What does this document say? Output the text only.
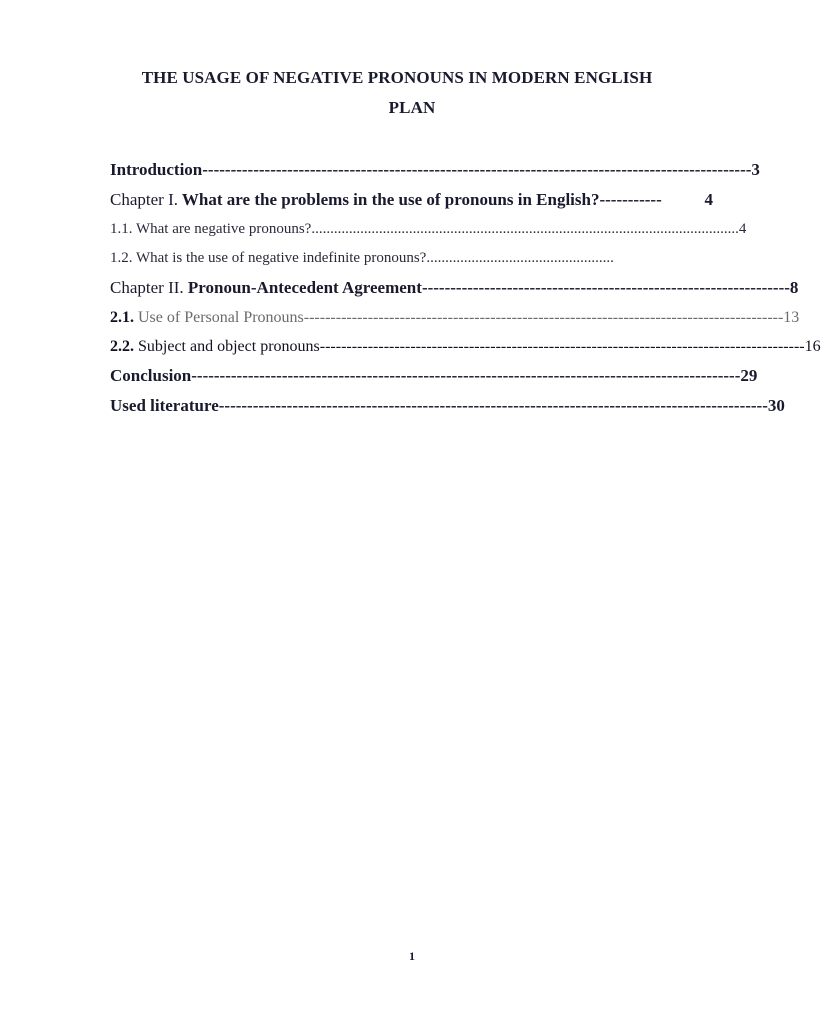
THE USAGE OF NEGATIVE PRONOUNS IN MODERN ENGLISH
PLAN
Introduction ------------------------------------------------------------------------------------------------- 3
Chapter I. What are the problems in the use of pronouns in English? -----------	4
1.1. What are negative pronouns? .................................................................................................................. 4
1.2. What is the use of negative indefinite pronouns? ..................................................
Chapter II. Pronoun-Antecedent Agreement ----------------------------------------------------------------- 8
2.1. Use of Personal Pronouns ------------------------------------------------------------------------------------------ 13
2.2. Subject and object pronouns ------------------------------------------------------------------------------------------- 16
Conclusion ------------------------------------------------------------------------------------------------- 29
Used literature ------------------------------------------------------------------------------------------------- 30
1
